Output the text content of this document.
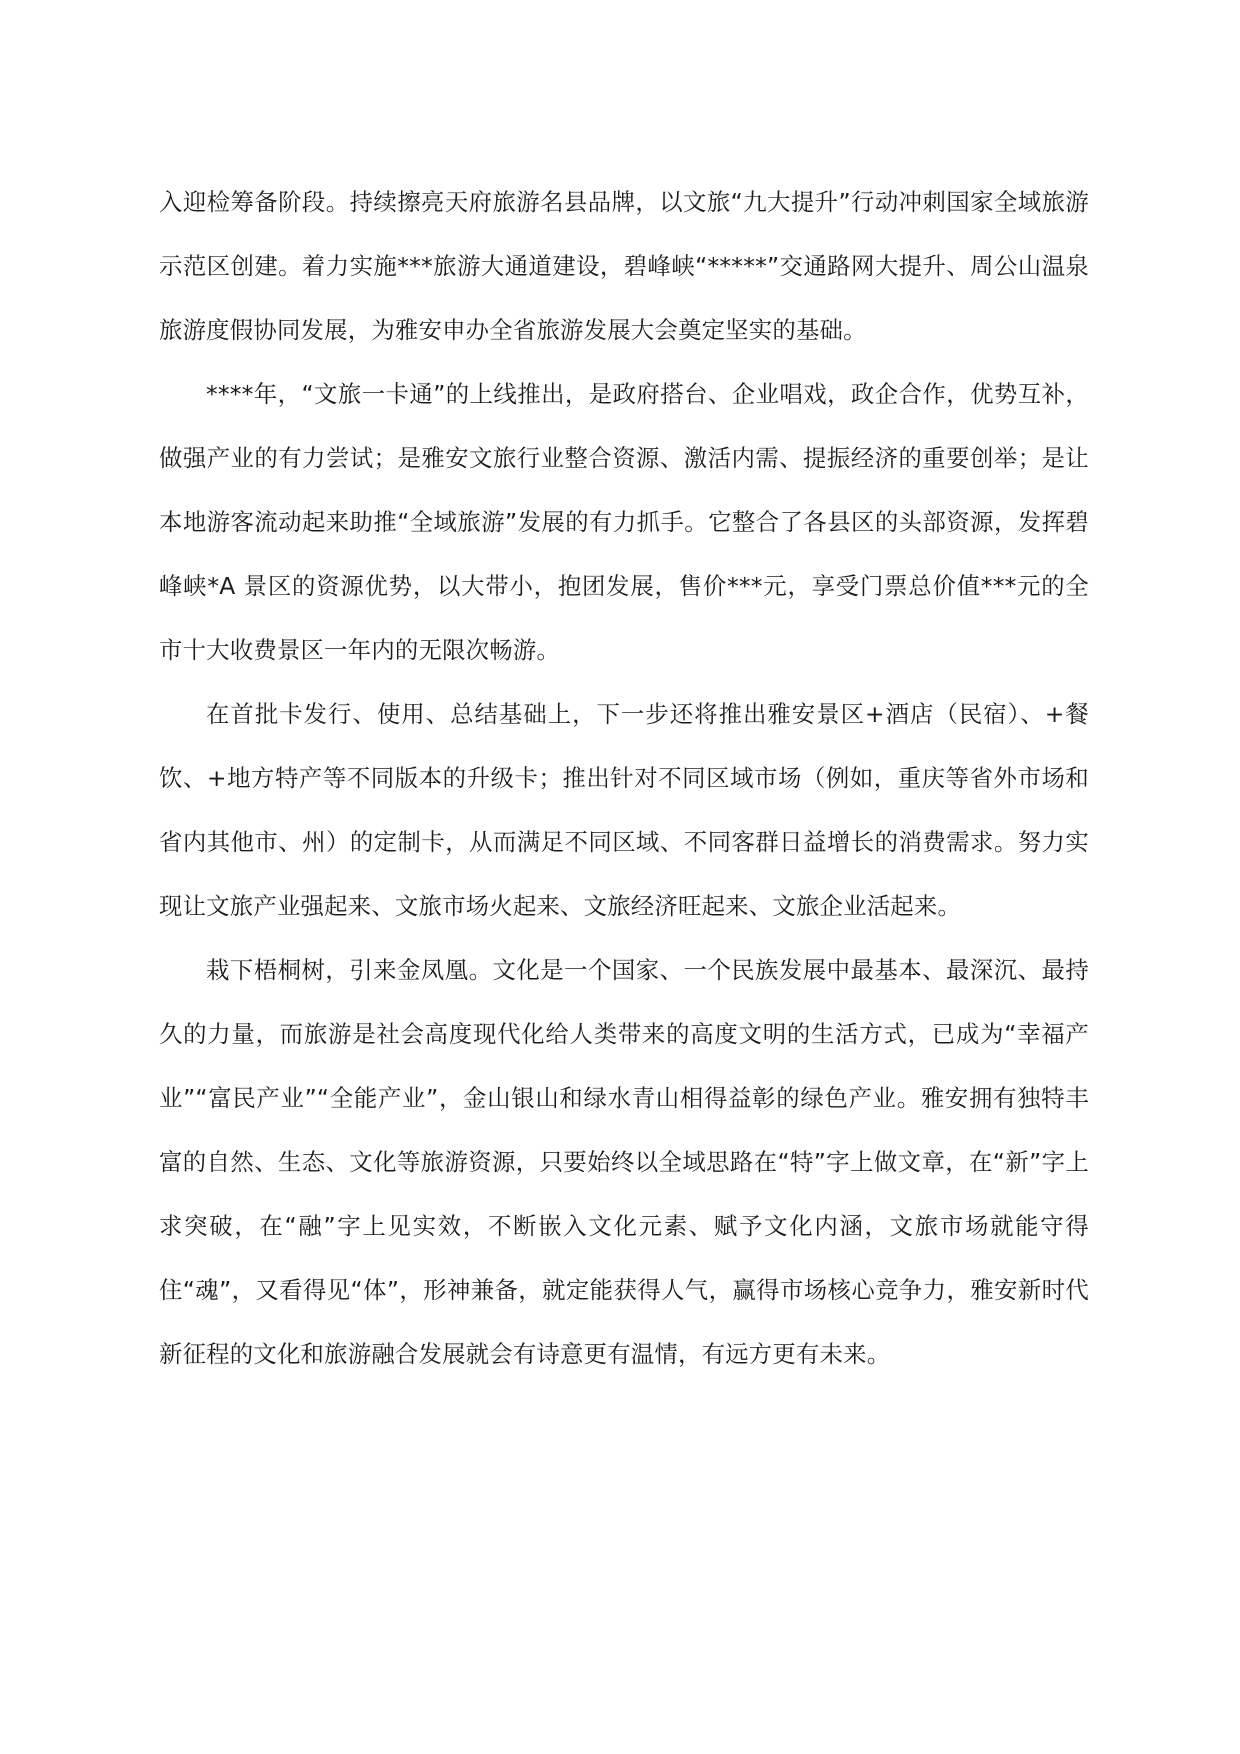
入迎检筹备阶段。持续擦亮天府旅游名县品牌，以文旅“九大提升”行动冲刺国家全域旅游示范区创建。着力实施***旅游大通道建设，碧峰峡“*****”交通路网大提升、周公山温泉旅游度假协同发展，为雅安申办全省旅游发展大会奠定坚实的基础。

****年，“文旅一卡通”的上线推出，是政府搭台、企业唱戏，政企合作，优势互补，做强产业的有力尝试；是雅安文旅行业整合资源、激活内需、提振经济的重要创举；是让本地游客流动起来助推“全域旅游”发展的有力抓手。它整合了各县区的头部资源，发挥碧峰峡*A 景区的资源优势，以大带小，抱团发展，售价***元，享受门票总价值***元的全市十大收费景区一年内的无限次畅游。

在首批卡发行、使用、总结基础上，下一步还将推出雅安景区+酒店（民宿）、+餐饮、+地方特产等不同版本的升级卡；推出针对不同区域市场（例如，重庆等省外市场和省内其他市、州）的定制卡，从而满足不同区域、不同客群日益增长的消费需求。努力实现让文旅产业强起来、文旅市场火起来、文旅经济旺起来、文旅企业活起来。

栽下梧桐树，引来金凤凰。文化是一个国家、一个民族发展中最基本、最深沉、最持久的力量，而旅游是社会高度现代化给人类带来的高度文明的生活方式，已成为“幸福产业”“富民产业”“全能产业”，金山银山和绿水青山相得益彰的绿色产业。雅安拥有独特丰富的自然、生态、文化等旅游资源，只要始终以全域思路在“特”字上做文章，在“新”字上求突破，在“融”字上见实效，不断嵌入文化元素、赋予文化内涵，文旅市场就能守得住“魂”，又看得见“体”，形神兼备，就定能获得人气，赢得市场核心竞争力，雅安新时代新征程的文化和旅游融合发展就会有诗意更有温情，有远方更有未来。
